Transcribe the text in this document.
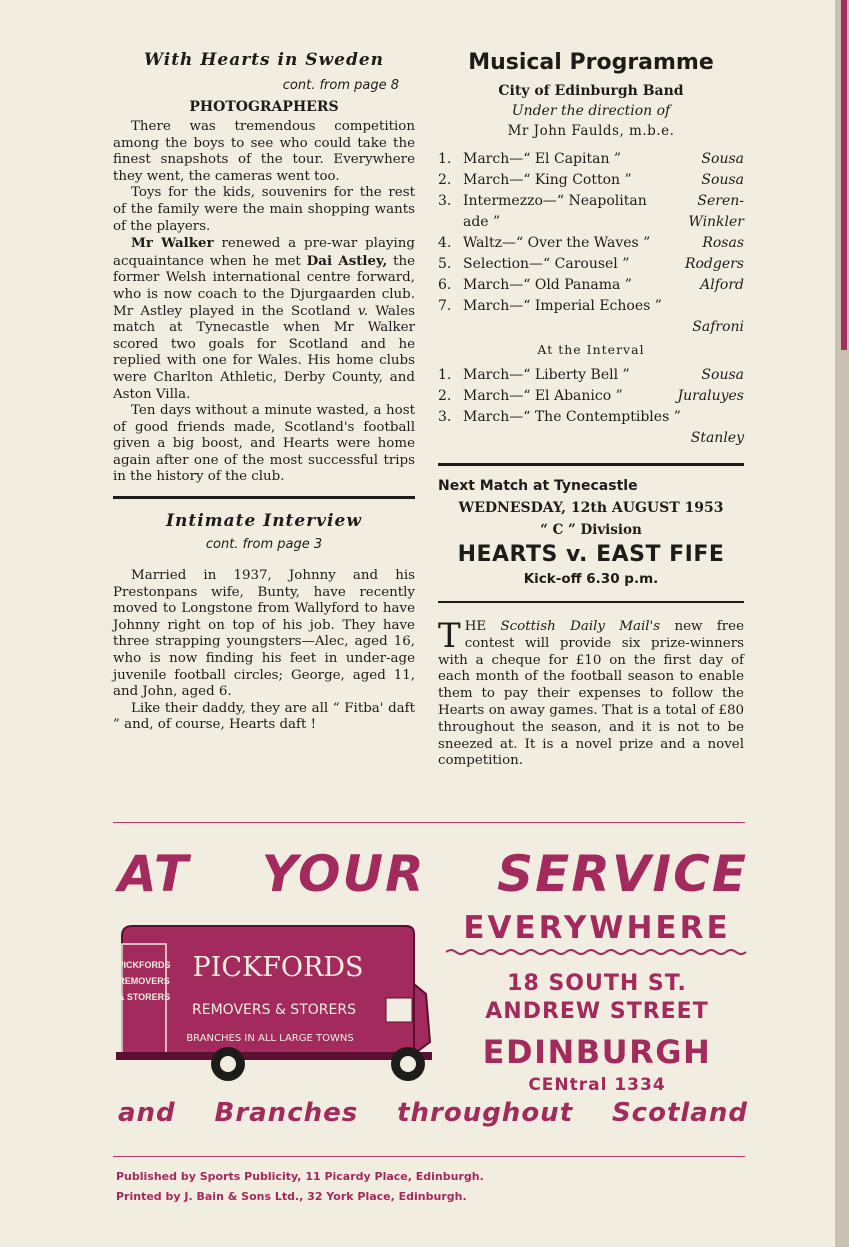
With Hearts in Sweden
cont. from page 8
PHOTOGRAPHERS

There was tremendous competition among the boys to see who could take the finest snapshots of the tour. Everywhere they went, the cameras went too.

Toys for the kids, souvenirs for the rest of the family were the main shopping wants of the players.

Mr Walker renewed a pre-war playing acquaintance when he met Dai Astley, the former Welsh international centre forward, who is now coach to the Djurgaarden club. Mr Astley played in the Scotland v. Wales match at Tynecastle when Mr Walker scored two goals for Scotland and he replied with one for Wales. His home clubs were Charlton Athletic, Derby County, and Aston Villa.

Ten days without a minute wasted, a host of good friends made, Scotland's football given a big boost, and Hearts were home again after one of the most successful trips in the history of the club.

Intimate Interview
cont. from page 3

Married in 1937, Johnny and his Prestonpans wife, Bunty, have recently moved to Longstone from Wallyford to have Johnny right on top of his job. They have three strapping youngsters—Alec, aged 16, who is now finding his feet in under-age juvenile football circles; George, aged 11, and John, aged 6.

Like their daddy, they are all “ Fitba' daft ” and, of course, Hearts daft !

Musical Programme
City of Edinburgh Band
Under the direction of
Mr John Faulds, m.b.e.
1. March—“ El Capitan ”	Sousa
2. March—“ King Cotton ”	Sousa
3. Intermezzo—“ Neapolitan	Seren-
ade ”	Winkler
4. Waltz—“ Over the Waves ”	Rosas
5. Selection—“ Carousel ”	Rodgers
6. March—“ Old Panama ”	Alford
7. March—“ Imperial Echoes ”
Safroni
At the Interval
1. March—“ Liberty Bell ”	Sousa
2. March—“ El Abanico ”	Juraluyes
3. March—“ The Contemptibles ”
Stanley
Next Match at Tynecastle
WEDNESDAY, 12th AUGUST 1953
“ C ” Division
HEARTS v. EAST FIFE
Kick-off 6.30 p.m.
THE Scottish Daily Mail's new free contest will provide six prize-winners with a cheque for £10 on the first day of each month of the football season to enable them to pay their expenses to follow the Hearts on away games. That is a total of £80 throughout the season, and it is not to be sneezed at. It is a novel prize and a novel competition.
AT YOUR SERVICE
PICKFORDS
REMOVERS
& STORERS
PICKFORDS
REMOVERS & STORERS
BRANCHES IN ALL LARGE TOWNS
EVERYWHERE
18 SOUTH ST.
ANDREW STREET
EDINBURGH
CENtral 1334
and Branches throughout Scotland
Published by Sports Publicity, 11 Picardy Place, Edinburgh.
Printed by J. Bain & Sons Ltd., 32 York Place, Edinburgh.
